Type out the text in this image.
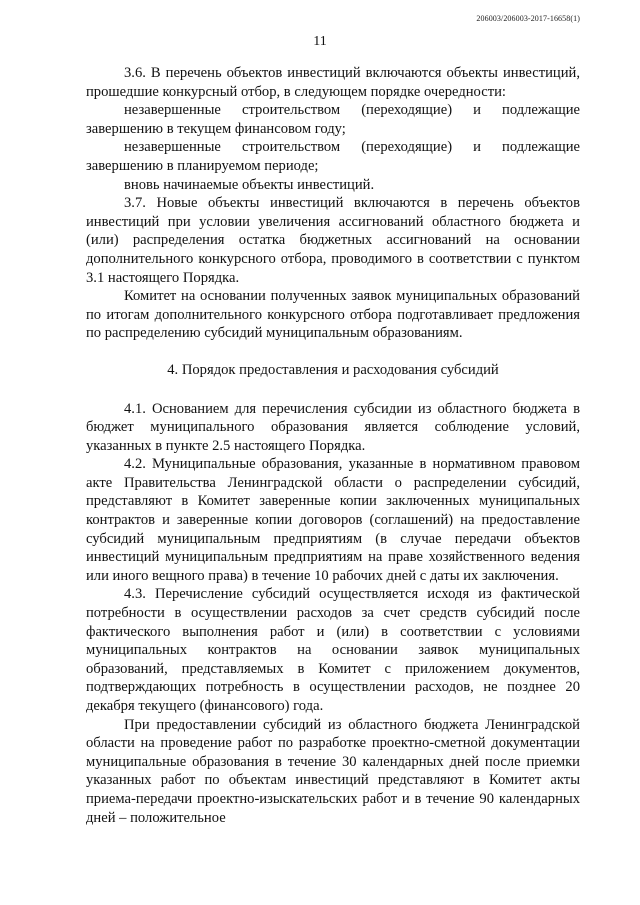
206003/206003-2017-16658(1)
11

3.6. В перечень объектов инвестиций включаются объекты инвестиций, прошедшие конкурсный отбор, в следующем порядке очередности:

незавершенные строительством (переходящие) и подлежащие завершению в текущем финансовом году;

незавершенные строительством (переходящие) и подлежащие завершению в планируемом периоде;

вновь начинаемые объекты инвестиций.

3.7. Новые объекты инвестиций включаются в перечень объектов инвестиций при условии увеличения ассигнований областного бюджета и (или) распределения остатка бюджетных ассигнований на основании дополнительного конкурсного отбора, проводимого в соответствии с пунктом 3.1 настоящего Порядка.

Комитет на основании полученных заявок муниципальных образований по итогам дополнительного конкурсного отбора подготавливает предложения по распределению субсидий муниципальным образованиям.

4. Порядок предоставления и расходования субсидий

4.1. Основанием для перечисления субсидии из областного бюджета в бюджет муниципального образования является соблюдение условий, указанных в пункте 2.5 настоящего Порядка.

4.2. Муниципальные образования, указанные в нормативном правовом акте Правительства Ленинградской области о распределении субсидий, представляют в Комитет заверенные копии заключенных муниципальных контрактов и заверенные копии договоров (соглашений) на предоставление субсидий муниципальным предприятиям (в случае передачи объектов инвестиций муниципальным предприятиям на праве хозяйственного ведения или иного вещного права) в течение 10 рабочих дней с даты их заключения.

4.3. Перечисление субсидий осуществляется исходя из фактической потребности в осуществлении расходов за счет средств субсидий после фактического выполнения работ и (или) в соответствии с условиями муниципальных контрактов на основании заявок муниципальных образований, представляемых в Комитет с приложением документов, подтверждающих потребность в осуществлении расходов, не позднее 20 декабря текущего (финансового) года.

При предоставлении субсидий из областного бюджета Ленинградской области на проведение работ по разработке проектно-сметной документации муниципальные образования в течение 30 календарных дней после приемки указанных работ по объектам инвестиций представляют в Комитет акты приема-передачи проектно-изыскательских работ и в течение 90 календарных дней – положительное
